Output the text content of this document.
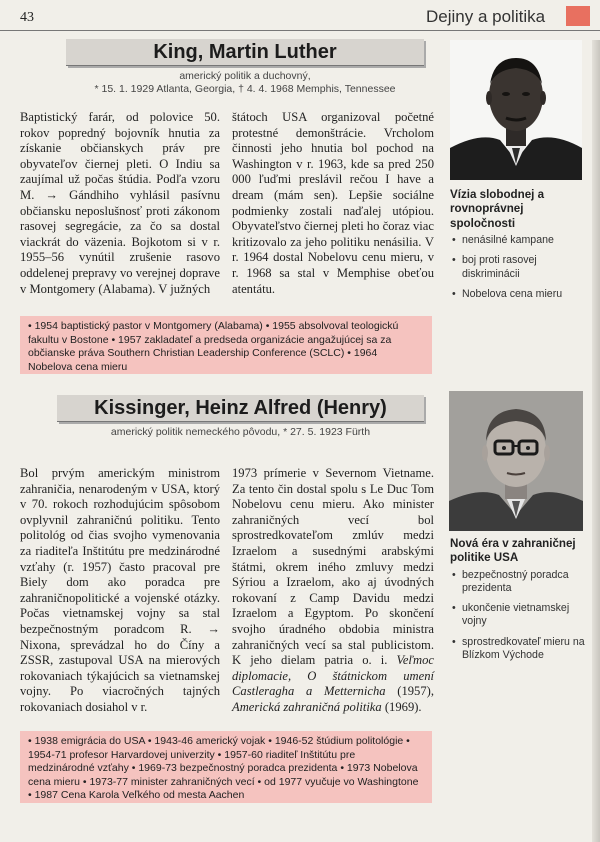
43	Dejiny a politika
King, Martin Luther
americký politik a duchovný,
* 15. 1. 1929 Atlanta, Georgia, † 4. 4. 1968 Memphis, Tennessee
Baptistický farár, od polovice 50. rokov popredný bojovník hnutia za získanie občianskych práv pre obyvateľov čiernej pleti. O Indiu sa zaujímal už počas štúdia. Podľa vzoru M. → Gándhiho vyhlásil pasívnu občiansku neposlušnosť proti zákonom rasovej segregácie, za čo sa dostal viackrát do väzenia. Bojkotom si v r. 1955–56 vynútil zrušenie rasovo oddelenej prepravy vo verejnej doprave v Montgomery (Alabama). V južných
štátoch USA organizoval početné protestné demonštrácie. Vrcholom činnosti jeho hnutia bol pochod na Washington v r. 1963, kde sa pred 250 000 ľuďmi preslávil rečou I have a dream (mám sen). Lepšie sociálne podmienky zostali naďalej utópiou. Obyvateľstvo čiernej pleti ho čoraz viac kritizovalo za jeho politiku nenásilia. V r. 1964 dostal Nobelovu cenu mieru, v r. 1968 sa stal v Memphise obeťou atentátu.
• 1954 baptistický pastor v Montgomery (Alabama) • 1955 absolvoval teologickú fakultu v Bostone • 1957 zakladateľ a predseda organizácie angažujúcej sa za občianske práva Southern Christian Leadership Conference (SCLC) • 1964 Nobelova cena mieru
Vízia slobodnej a rovnoprávnej spoločnosti
• nenásilné kampane
• boj proti rasovej diskriminácii
• Nobelova cena mieru
Kissinger, Heinz Alfred (Henry)
americký politik nemeckého pôvodu, * 27. 5. 1923 Fürth
Bol prvým americkým ministrom zahraničia, nenarodeným v USA, ktorý v 70. rokoch rozhodujúcim spôsobom ovplyvnil zahraničnú politiku. Tento politológ od čias svojho vymenovania za riaditeľa Inštitútu pre medzinárodné vzťahy (r. 1957) často pracoval pre Biely dom ako poradca pre zahraničnopolitické a vojenské otázky. Počas vietnamskej vojny sa stal bezpečnostným poradcom R. → Nixona, sprevádzal ho do Číny a ZSSR, zastupoval USA na mierových rokovaniach týkajúcich sa vietnamskej vojny. Po viacročných tajných rokovaniach dosiahol v r.
1973 prímerie v Severnom Vietname. Za tento čin dostal spolu s Le Duc Tom Nobelovu cenu mieru. Ako minister zahraničných vecí bol sprostredkovateľom zmlúv medzi Izraelom a susednými arabskými štátmi, okrem iného zmluvy medzi Sýriou a Izraelom, ako aj úvodných rokovaní z Camp Davidu medzi Izraelom a Egyptom. Po skončení svojho úradného obdobia ministra zahraničných vecí sa stal publicistom. K jeho dielam patria o. i. Veľmoc diplomacie, O štátnickom umení Castleragha a Metternicha (1957), Americká zahraničná politika (1969).
• 1938 emigrácia do USA • 1943-46 americký vojak • 1946-52 štúdium politológie • 1954-71 profesor Harvardovej univerzity • 1957-60 riaditeľ Inštitútu pre medzinárodné vzťahy • 1969-73 bezpečnostný poradca prezidenta • 1973 Nobelova cena mieru • 1973-77 minister zahraničných vecí • od 1977 vyučuje vo Washingtone • 1987 Cena Karola Veľkého od mesta Aachen
Nová éra v zahraničnej politike USA
• bezpečnostný poradca prezidenta
• ukončenie vietnamskej vojny
• sprostredkovateľ mieru na Blízkom Východe
